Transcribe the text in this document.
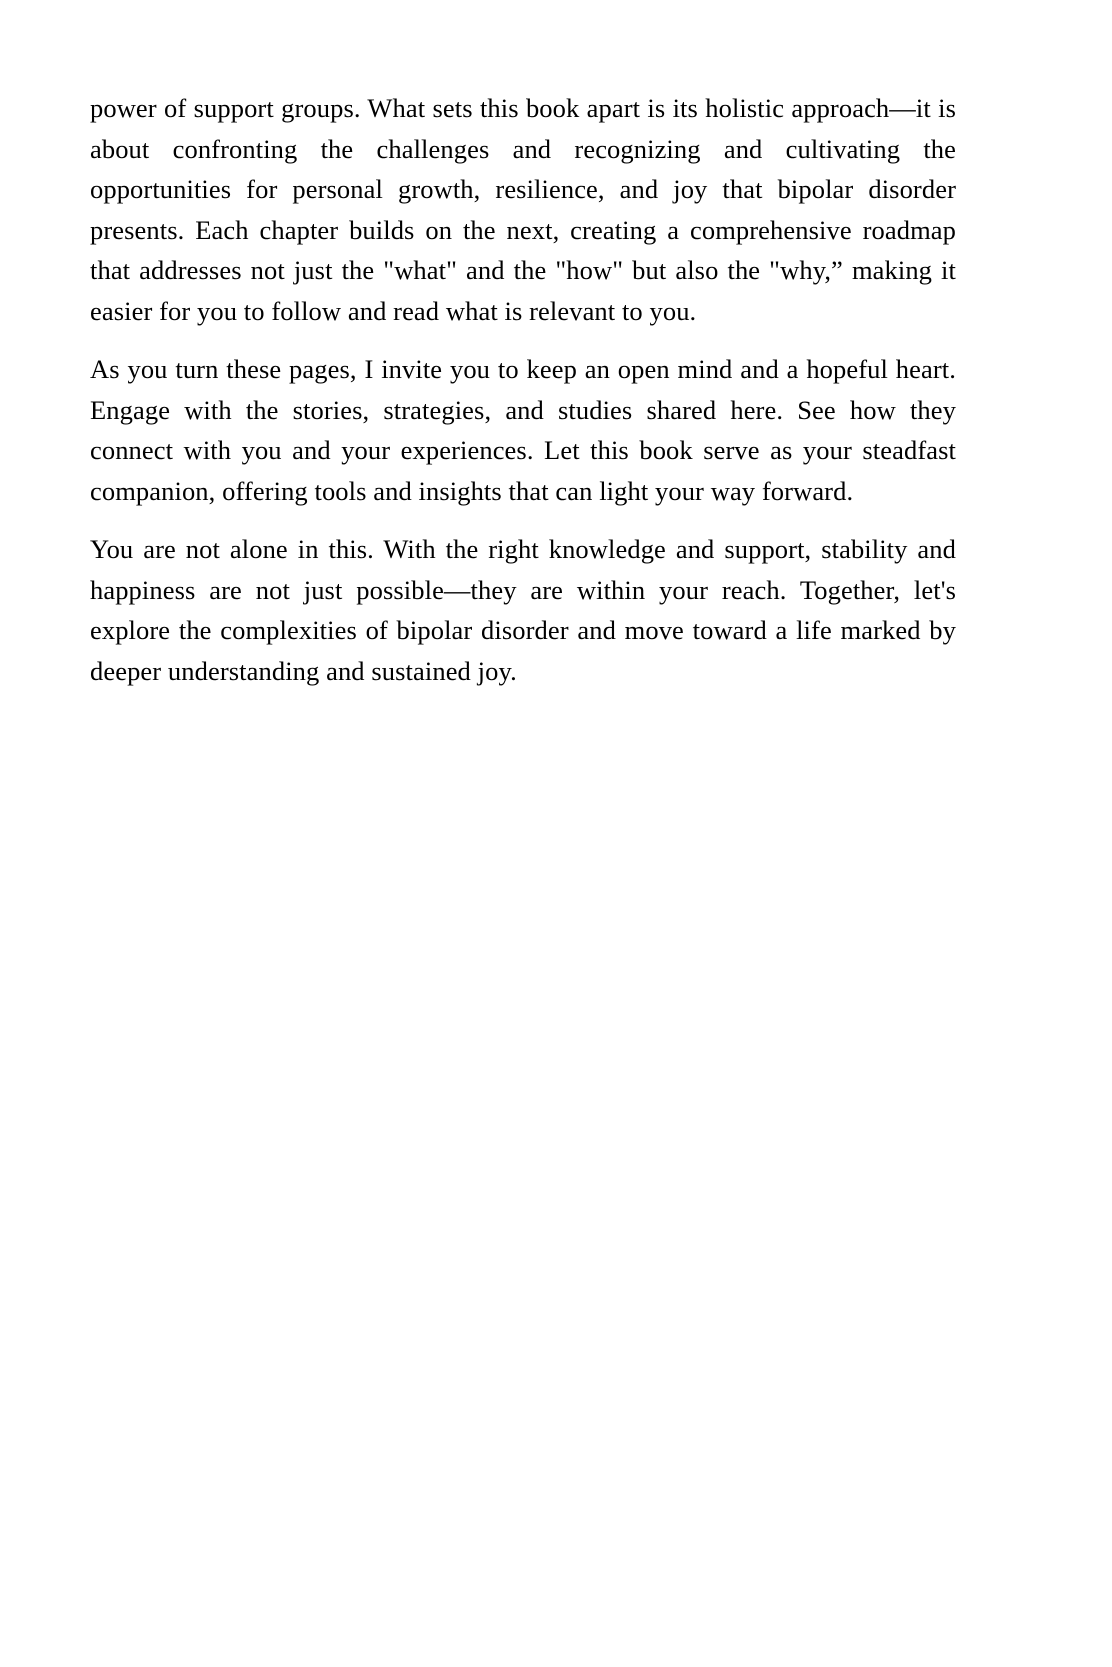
power of support groups. What sets this book apart is its holistic approach—it is about confronting the challenges and recognizing and cultivating the opportunities for personal growth, resilience, and joy that bipolar disorder presents. Each chapter builds on the next, creating a comprehensive roadmap that addresses not just the "what" and the "how" but also the "why,” making it easier for you to follow and read what is relevant to you.

As you turn these pages, I invite you to keep an open mind and a hopeful heart. Engage with the stories, strategies, and studies shared here. See how they connect with you and your experiences. Let this book serve as your steadfast companion, offering tools and insights that can light your way forward.

You are not alone in this. With the right knowledge and support, stability and happiness are not just possible—they are within your reach. Together, let's explore the complexities of bipolar disorder and move toward a life marked by deeper understanding and sustained joy.
